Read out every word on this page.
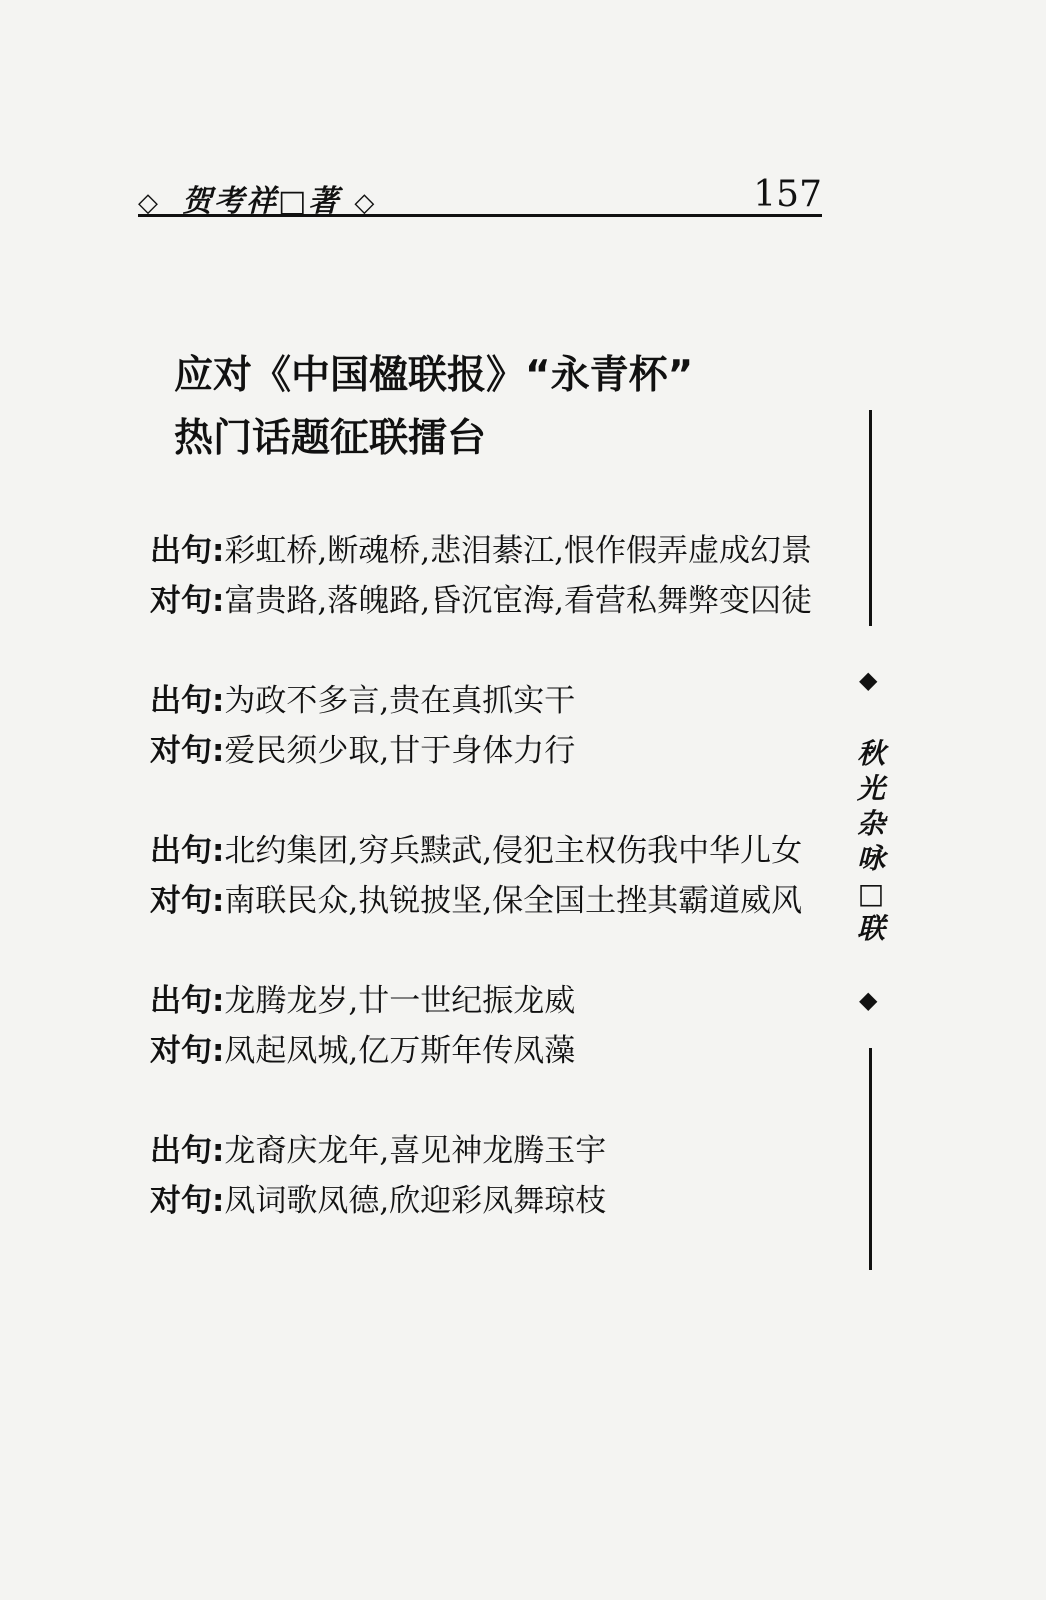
◇ 贺考祥□著 ◇	157
应对《中国楹联报》“永青杯”
热门话题征联擂台

出句:彩虹桥,断魂桥,悲泪綦江,恨作假弄虚成幻景

对句:富贵路,落魄路,昏沉宦海,看营私舞弊变囚徒

出句:为政不多言,贵在真抓实干

对句:爱民须少取,甘于身体力行

出句:北约集团,穷兵黩武,侵犯主权伤我中华儿女

对句:南联民众,执锐披坚,保全国土挫其霸道威风

出句:龙腾龙岁,廿一世纪振龙威

对句:凤起凤城,亿万斯年传凤藻

出句:龙裔庆龙年,喜见神龙腾玉宇

对句:凤词歌凤德,欣迎彩凤舞琼枝

◆
秋光杂咏□联
◆
